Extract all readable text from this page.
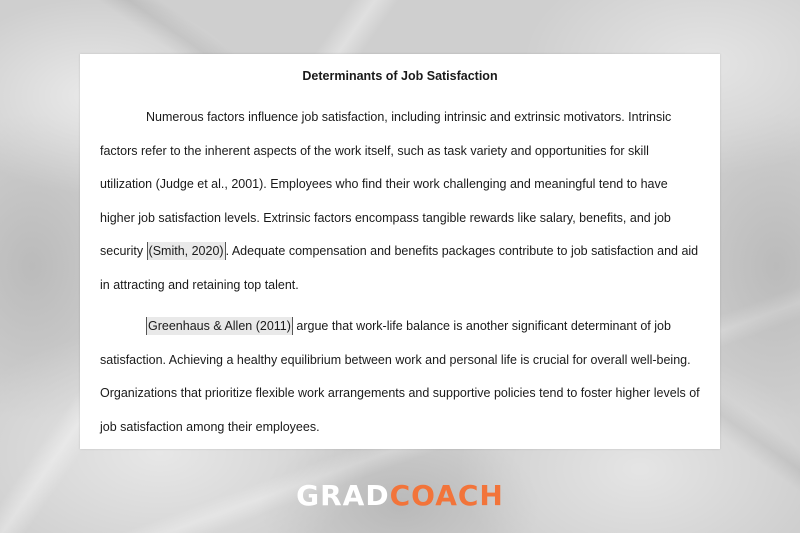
Determinants of Job Satisfaction

Numerous factors influence job satisfaction, including intrinsic and extrinsic motivators. Intrinsic factors refer to the inherent aspects of the work itself, such as task variety and opportunities for skill utilization (Judge et al., 2001). Employees who find their work challenging and meaningful tend to have higher job satisfaction levels. Extrinsic factors encompass tangible rewards like salary, benefits, and job security (Smith, 2020) . Adequate compensation and benefits packages contribute to job satisfaction and aid in attracting and retaining top talent.

Greenhaus & Allen (2011) argue that work-life balance is another significant determinant of job satisfaction. Achieving a healthy equilibrium between work and personal life is crucial for overall well-being. Organizations that prioritize flexible work arrangements and supportive policies tend to foster higher levels of job satisfaction among their employees.

GRADCOACH
